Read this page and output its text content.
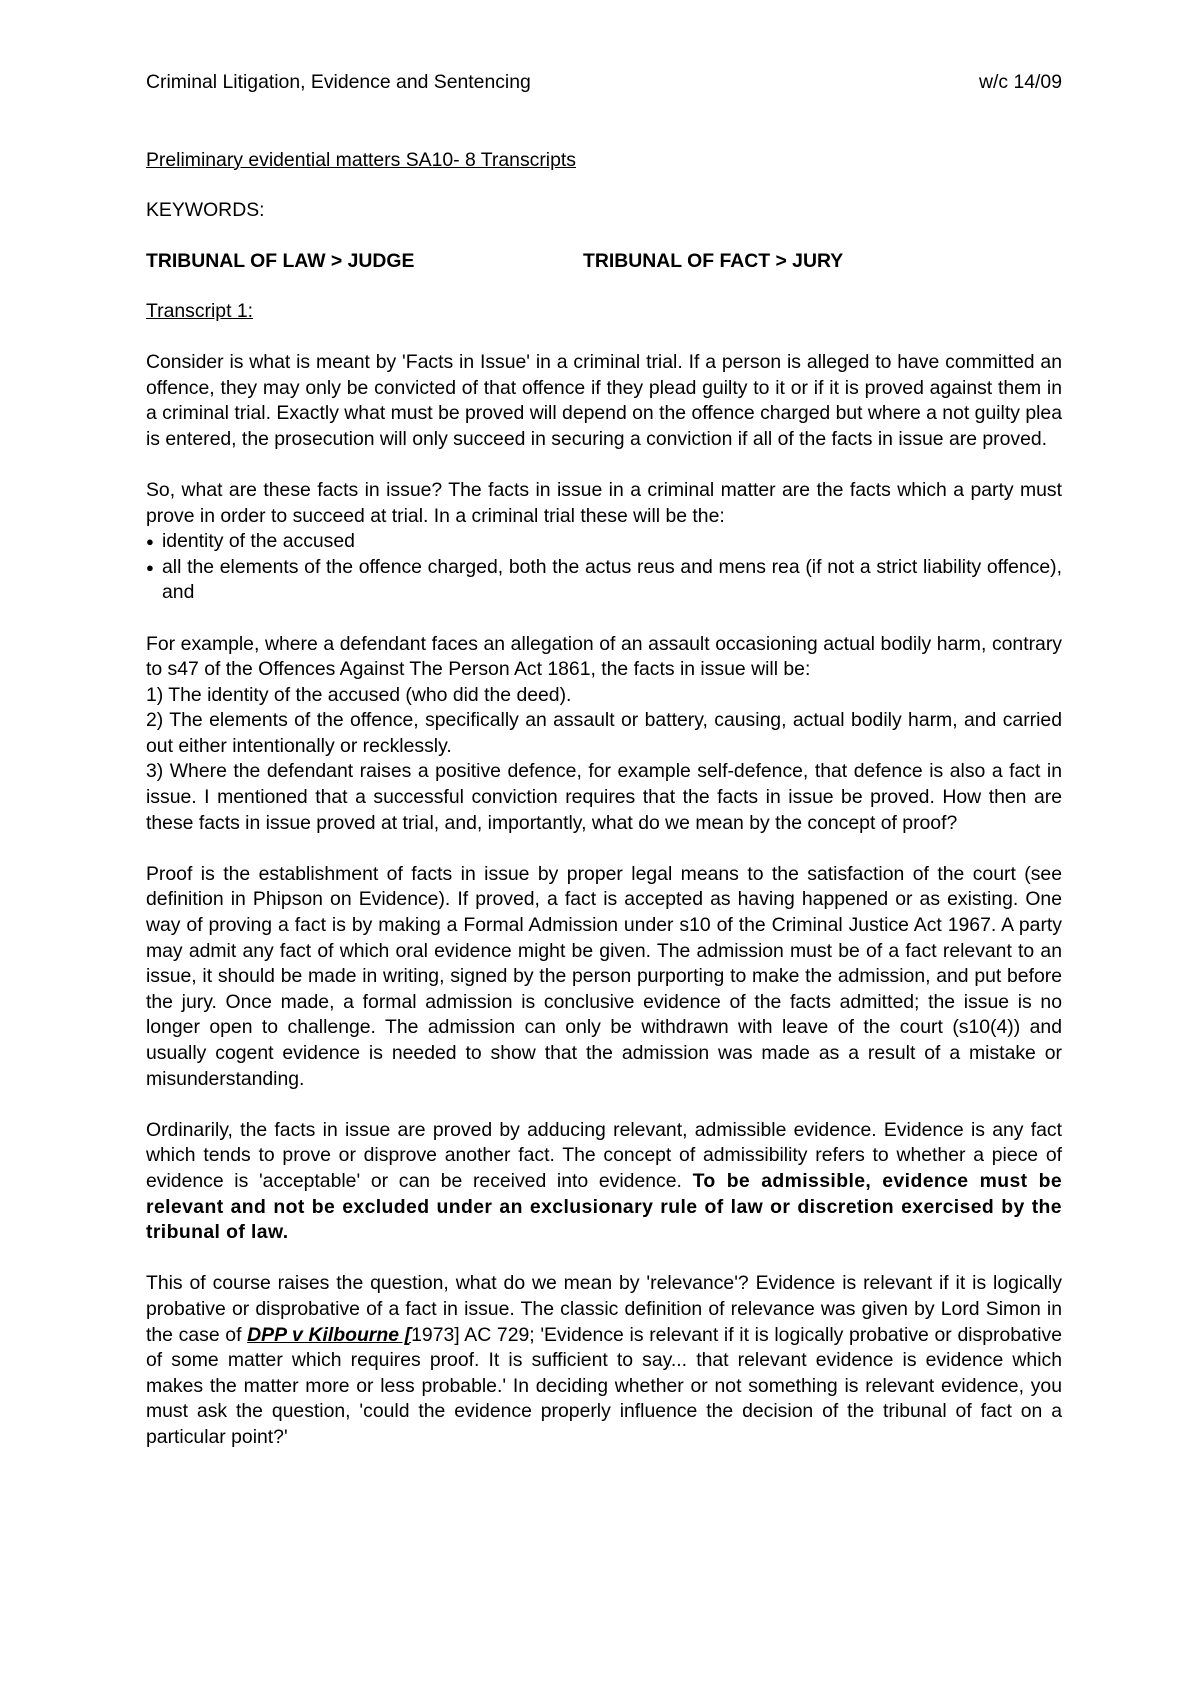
Criminal Litigation, Evidence and Sentencing	w/c 14/09
Preliminary evidential matters SA10- 8 Transcripts
KEYWORDS:
TRIBUNAL OF LAW > JUDGE	TRIBUNAL OF FACT > JURY
Transcript 1:

Consider is what is meant by 'Facts in Issue' in a criminal trial. If a person is alleged to have committed an offence, they may only be convicted of that offence if they plead guilty to it or if it is proved against them in a criminal trial. Exactly what must be proved will depend on the offence charged but where a not guilty plea is entered, the prosecution will only succeed in securing a conviction if all of the facts in issue are proved.

So, what are these facts in issue? The facts in issue in a criminal matter are the facts which a party must prove in order to succeed at trial. In a criminal trial these will be the:

● identity of the accused
● all the elements of the offence charged, both the actus reus and mens rea (if not a strict liability offence), and

For example, where a defendant faces an allegation of an assault occasioning actual bodily harm, contrary to s47 of the Offences Against The Person Act 1861, the facts in issue will be:

1) The identity of the accused (who did the deed).

2) The elements of the offence, specifically an assault or battery, causing, actual bodily harm, and carried out either intentionally or recklessly.

3) Where the defendant raises a positive defence, for example self-defence, that defence is also a fact in issue. I mentioned that a successful conviction requires that the facts in issue be proved. How then are these facts in issue proved at trial, and, importantly, what do we mean by the concept of proof?

Proof is the establishment of facts in issue by proper legal means to the satisfaction of the court (see definition in Phipson on Evidence). If proved, a fact is accepted as having happened or as existing. One way of proving a fact is by making a Formal Admission under s10 of the Criminal Justice Act 1967. A party may admit any fact of which oral evidence might be given. The admission must be of a fact relevant to an issue, it should be made in writing, signed by the person purporting to make the admission, and put before the jury. Once made, a formal admission is conclusive evidence of the facts admitted; the issue is no longer open to challenge. The admission can only be withdrawn with leave of the court (s10(4)) and usually cogent evidence is needed to show that the admission was made as a result of a mistake or misunderstanding.

Ordinarily, the facts in issue are proved by adducing relevant, admissible evidence. Evidence is any fact which tends to prove or disprove another fact. The concept of admissibility refers to whether a piece of evidence is 'acceptable' or can be received into evidence. To be admissible, evidence must be relevant and not be excluded under an exclusionary rule of law or discretion exercised by the tribunal of law.

This of course raises the question, what do we mean by 'relevance'? Evidence is relevant if it is logically probative or disprobative of a fact in issue. The classic definition of relevance was given by Lord Simon in the case of DPP v Kilbourne [1973] AC 729; 'Evidence is relevant if it is logically probative or disprobative of some matter which requires proof. It is sufficient to say... that relevant evidence is evidence which makes the matter more or less probable.' In deciding whether or not something is relevant evidence, you must ask the question, 'could the evidence properly influence the decision of the tribunal of fact on a particular point?'
